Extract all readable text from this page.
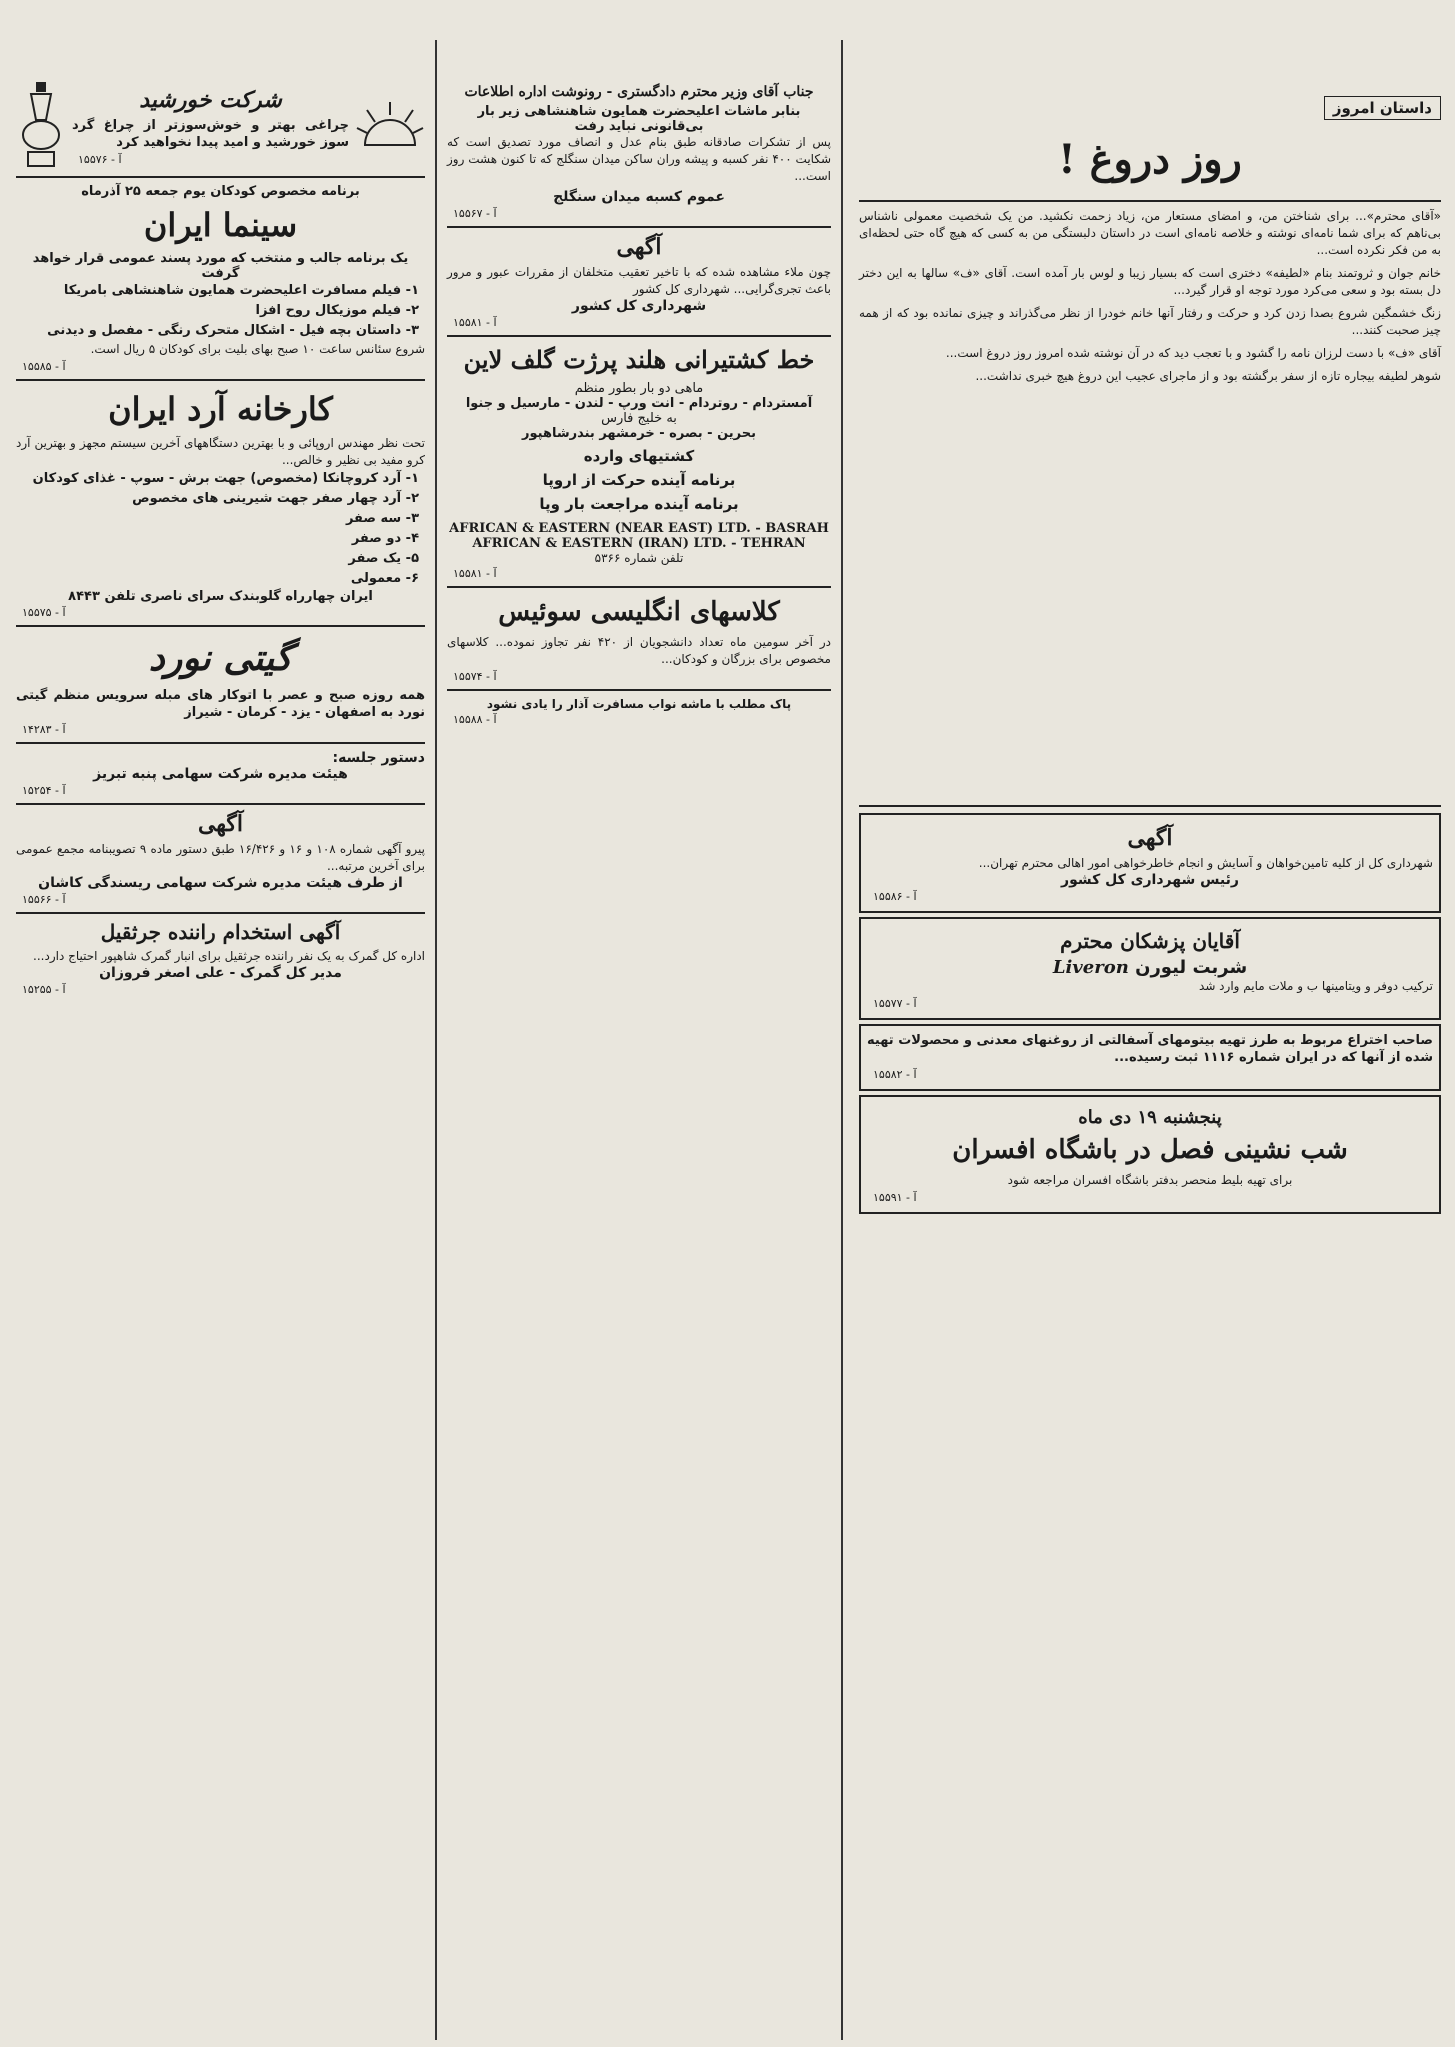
داستان امروز
روز دروغ !

«آقای محترم»... برای شناختن من، و امضای مستعار من، زیاد زحمت نکشید. من یک شخصیت معمولی ناشناس بی‌ناهم که برای شما نامه‌ای نوشته و خلاصه نامه‌ای است در داستان دلبستگی من به کسی که هیچ گاه حتی لحظه‌ای به من فکر نکرده است...

خانم جوان و ثروتمند بنام «لطیفه» دختری است که بسیار زیبا و لوس بار آمده است. آقای «ف» سالها به این دختر دل بسته بود و سعی می‌کرد مورد توجه او قرار گیرد...

زنگ خشمگین شروع بصدا زدن کرد و حرکت و رفتار آنها خانم خودرا از نظر می‌گذراند و چیزی نمانده بود که از همه چیز صحبت کنند...

آقای «ف» با دست لرزان نامه را گشود و با تعجب دید که در آن نوشته شده امروز روز دروغ است...

شوهر لطیفه بیجاره تازه از سفر برگشته بود و از ماجرای عجیب این دروغ هیچ خبری نداشت...

آگهی

شهرداری کل از کلیه تامین‌خواهان و آسایش و انجام خاطرخواهی امور اهالی محترم تهران...

رئیس شهرداری کل کشور
آ - ۱۵۵۸۶
آقایان پزشکان محترم
شربت لیورن Liveron

ترکیب دوفر و ویتامینها ب و ملات مایم وارد شد

آ - ۱۵۵۷۷

صاحب اختراع مربوط به طرز تهیه بیتومهای آسفالتی از روغنهای معدنی و محصولات تهیه شده از آنها که در ایران شماره ۱۱۱۶ ثبت رسیده...

آ - ۱۵۵۸۲
پنجشنبه ۱۹ دی ماه
شب نشینی فصل در باشگاه افسران

برای تهیه بلیط منحصر بدفتر باشگاه افسران مراجعه شود

آ - ۱۵۵۹۱
جناب آقای وزیر محترم دادگستری - رونوشت اداره اطلاعات
بنابر ماشات اعلیحضرت همایون شاهنشاهی زیر بار بی‌قانونی نباید رفت

پس از تشکرات صادقانه طبق بنام عدل و انصاف مورد تصدیق است که شکایت ۴۰۰ نفر کسبه و پیشه وران ساکن میدان سنگلج که تا کنون هشت روز است...

عموم کسبه میدان سنگلج
آ - ۱۵۵۶۷
آگهی

چون ملاء مشاهده شده که با تاخیر تعقیب متخلفان از مقررات عبور و مرور باعث تجری‌گرایی... شهرداری کل کشور

شهرداری کل کشور
آ - ۱۵۵۸۱
خط کشتیرانی هلند پرژت گلف لاین
ماهی دو بار بطور منظم
آمستردام - روتردام - انت ورپ - لندن - مارسیل و جنوا
به خلیج فارس
بحرین - بصره - خرمشهر بندرشاهپور
کشتیهای وارده
برنامه آینده حرکت از اروپا
برنامه آینده مراجعت بار وپا
AFRICAN & EASTERN (NEAR EAST) LTD. - BASRAH
AFRICAN & EASTERN (IRAN) LTD. - TEHRAN
تلفن شماره ۵۳۶۶
آ - ۱۵۵۸۱
کلاسهای انگلیسی سوئیس

در آخر سومین ماه تعداد دانشجویان از ۴۲۰ نفر تجاوز نموده... کلاسهای مخصوص برای بزرگان و کودکان...

آ - ۱۵۵۷۴
پاک مطلب با ماشه نواب مسافرت آذار را یادی نشود
آ - ۱۵۵۸۸
شرکت خورشید

چراغی بهتر و خوش‌سوزتر از چراغ گرد سوز خورشید و امید پیدا نخواهید کرد

آ - ۱۵۵۷۶
برنامه مخصوص کودکان یوم جمعه ۲۵ آذرماه
سینما ایران
یک برنامه جالب و منتخب که مورد پسند عمومی قرار خواهد گرفت
۱- فیلم مسافرت اعلیحضرت همایون شاهنشاهی بامریکا
۲- فیلم موزیکال روح افزا
۳- داستان بچه فیل - اشکال متحرک رنگی - مفصل و دیدنی

شروع سئانس ساعت ۱۰ صبح بهای بلیت برای کودکان ۵ ریال است.

آ - ۱۵۵۸۵
کارخانه آرد ایران

تحت نظر مهندس اروپائی و با بهترین دستگاههای آخرین سیستم مجهز و بهترین آرد کرو مفید بی نظیر و خالص...

۱- آرد کروچانکا (مخصوص) جهت برش - سوپ - غذای کودکان
۲- آرد چهار صفر جهت شیرینی های مخصوص
۳- سه صفر
۴- دو صفر
۵- یک صفر
۶- معمولی
ایران چهارراه گلوبندک سرای ناصری تلفن ۸۴۴۳
آ - ۱۵۵۷۵
گیتی نورد

همه روزه صبح و عصر با اتوکار های مبله سرویس منظم گیتی نورد به اصفهان - یزد - کرمان - شیراز

آ - ۱۴۲۸۳
دستور جلسه:
هیئت مدیره شرکت سهامی پنبه تبریز
آ - ۱۵۲۵۴
آگهی

پیرو آگهی شماره ۱۰۸ و ۱۶ و ۱۶/۴۲۶ طبق دستور ماده ۹ تصویبنامه مجمع عمومی برای آخرین مرتبه...

از طرف هیئت مدیره شرکت سهامی ریسندگی کاشان
آ - ۱۵۵۶۶
آگهی استخدام راننده جرثقیل

اداره کل گمرک به یک نفر راننده جرثقیل برای انبار گمرک شاهپور احتیاج دارد...

مدیر کل گمرک - علی اصغر فروزان
آ - ۱۵۲۵۵
